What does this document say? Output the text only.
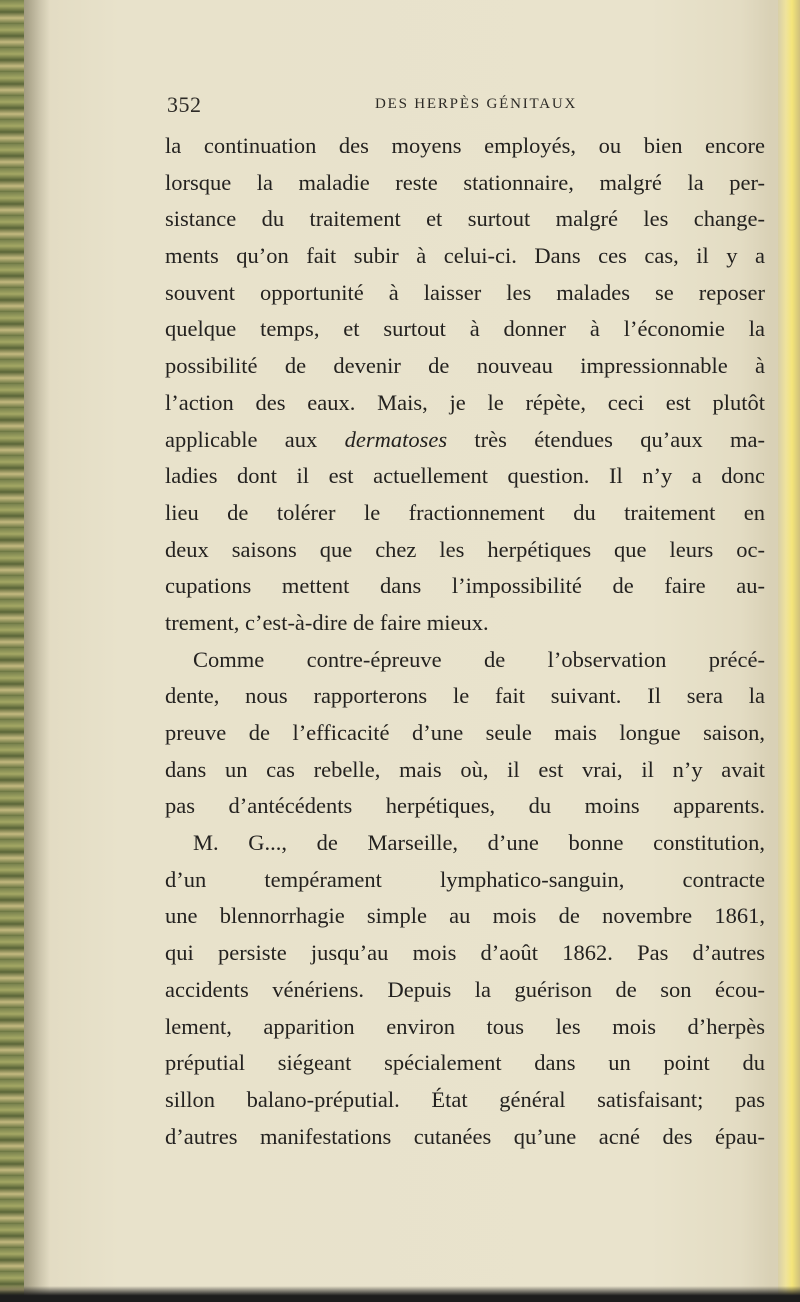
352	DES HERPÈS GÉNITAUX
la continuation des moyens employés, ou bien encore
lorsque la maladie reste stationnaire, malgré la per-
sistance du traitement et surtout malgré les change-
ments qu’on fait subir à celui-ci. Dans ces cas, il y a
souvent opportunité à laisser les malades se reposer
quelque temps, et surtout à donner à l’économie la
possibilité de devenir de nouveau impressionnable à
l’action des eaux. Mais, je le répète, ceci est plutôt
applicable aux dermatoses très étendues qu’aux ma-
ladies dont il est actuellement question. Il n’y a donc
lieu de tolérer le fractionnement du traitement en
deux saisons que chez les herpétiques que leurs oc-
cupations mettent dans l’impossibilité de faire au-
trement, c’est-à-dire de faire mieux.
Comme contre-épreuve de l’observation précé-
dente, nous rapporterons le fait suivant. Il sera la
preuve de l’efficacité d’une seule mais longue saison,
dans un cas rebelle, mais où, il est vrai, il n’y avait
pas d’antécédents herpétiques, du moins apparents.
M. G..., de Marseille, d’une bonne constitution,
d’un tempérament lymphatico-sanguin, contracte
une blennorrhagie simple au mois de novembre 1861,
qui persiste jusqu’au mois d’août 1862. Pas d’autres
accidents vénériens. Depuis la guérison de son écou-
lement, apparition environ tous les mois d’herpès
préputial siégeant spécialement dans un point du
sillon balano-préputial. État général satisfaisant; pas
d’autres manifestations cutanées qu’une acné des épau-
